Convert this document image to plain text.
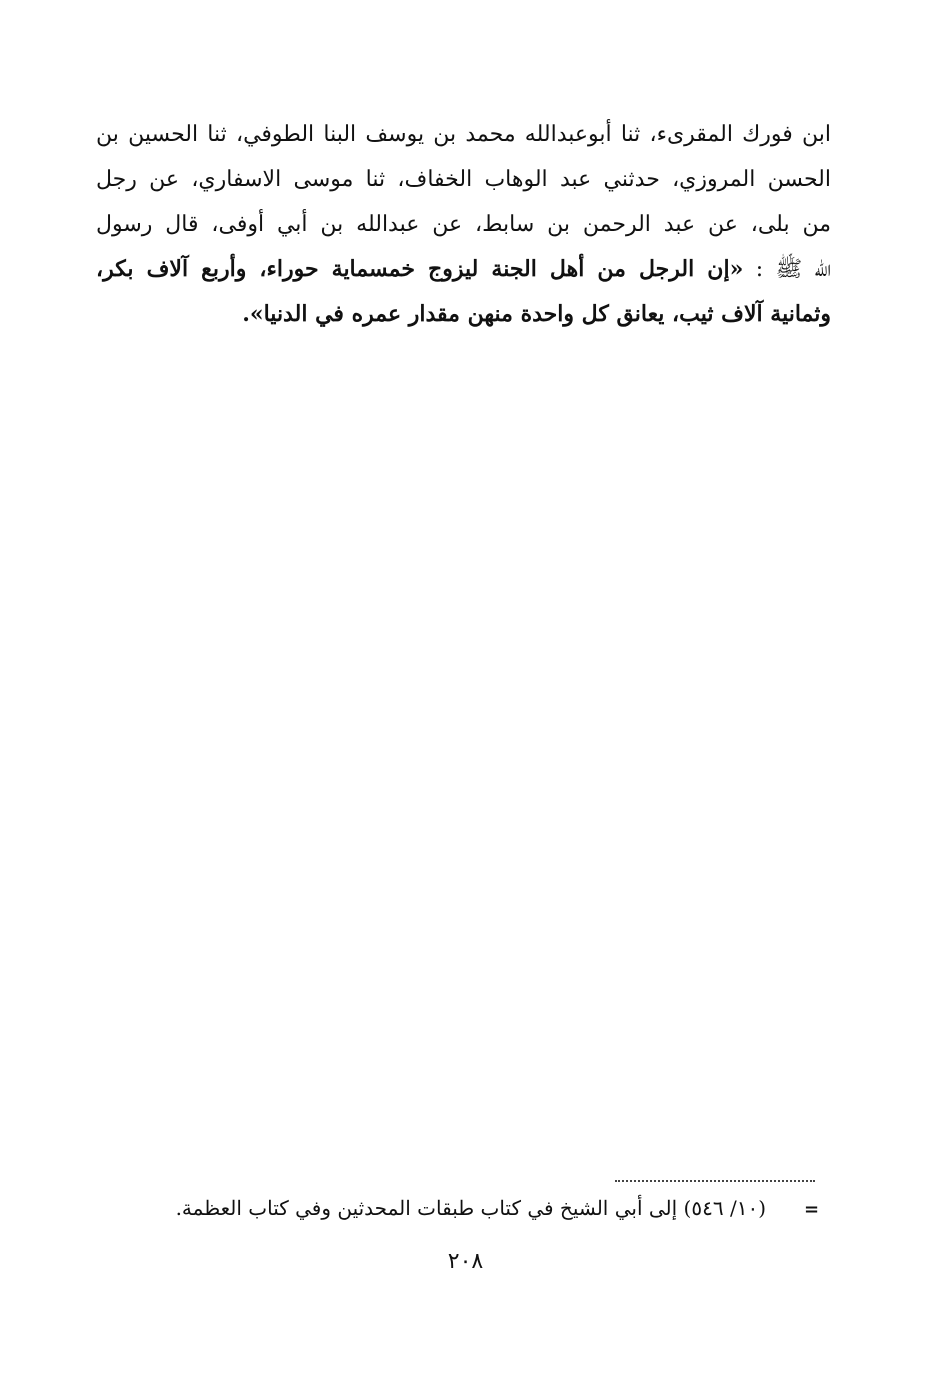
ابن فورك المقرىء، ثنا أبوعبدالله محمد بن يوسف البنا الطوفي، ثنا الحسين بن
الحسن المروزي، حدثني عبد الوهاب الخفاف، ثنا موسى الاسفاري، عن رجل
من بلى، عن عبد الرحمن بن سابط، عن عبدالله بن أبي أوفى، قال رسول
الله ﷺ : «إن الرجل من أهل الجنة ليزوج خمسماية حوراء، وأربع آلاف بكر،
وثمانية آلاف ثيب، يعانق كل واحدة منهن مقدار عمره في الدنيا».
=
(١٠/ ٥٤٦) إلى أبي الشيخ في كتاب طبقات المحدثين وفي كتاب العظمة.
٢٠٨
